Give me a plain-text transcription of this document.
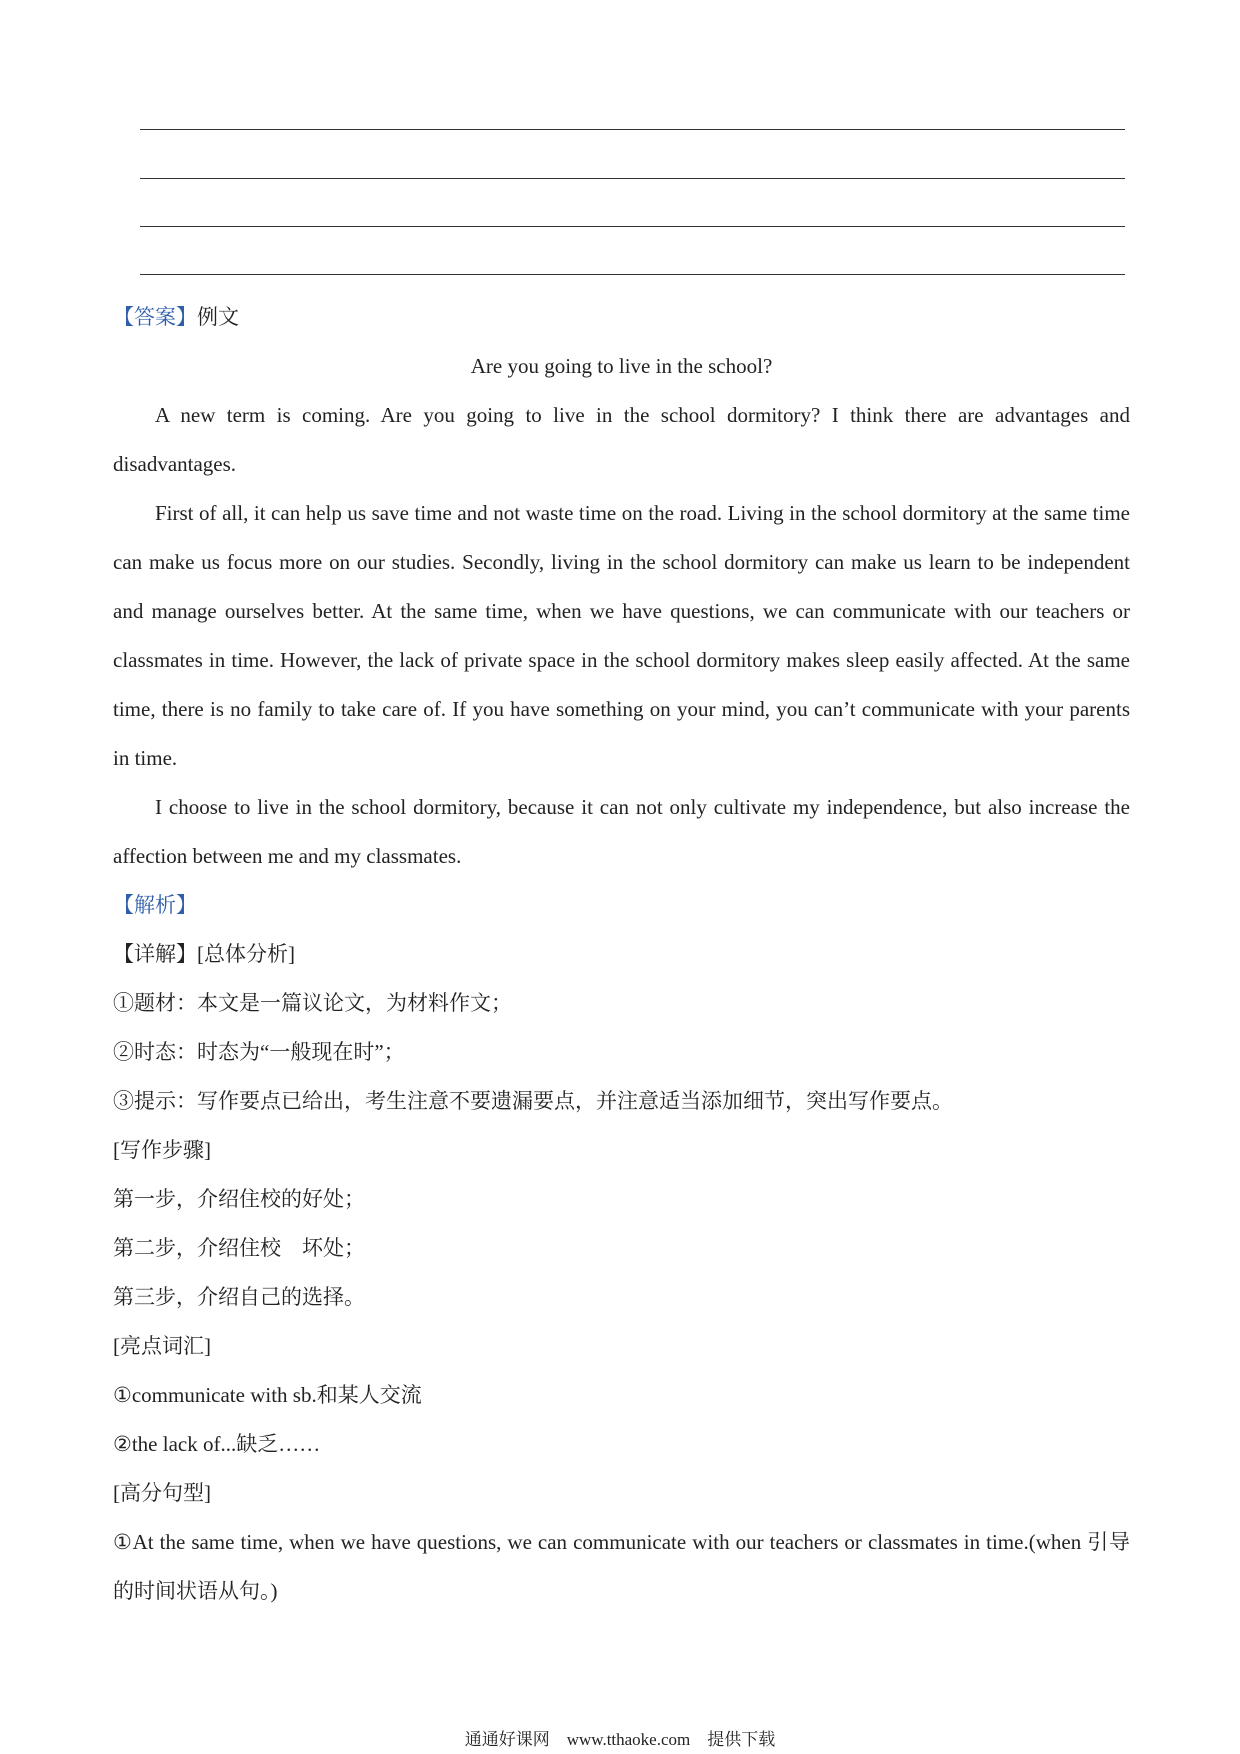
【答案】例文

Are you going to live in the school?

A new term is coming. Are you going to live in the school dormitory? I think there are advantages and disadvantages.

First of all, it can help us save time and not waste time on the road. Living in the school dormitory at the same time can make us focus more on our studies. Secondly, living in the school dormitory can make us learn to be independent and manage ourselves better. At the same time, when we have questions, we can communicate with our teachers or classmates in time. However, the lack of private space in the school dormitory makes sleep easily affected. At the same time, there is no family to take care of. If you have something on your mind, you can’t communicate with your parents in time.

I choose to live in the school dormitory, because it can not only cultivate my independence, but also increase the affection between me and my classmates.

【解析】

【详解】[总体分析]

①题材：本文是一篇议论文，为材料作文；

②时态：时态为“一般现在时”；

③提示：写作要点已给出，考生注意不要遗漏要点，并注意适当添加细节，突出写作要点。

[写作步骤]

第一步，介绍住校的好处；

第二步，介绍住校　坏处；

第三步，介绍自己的选择。

[亮点词汇]

①communicate with sb.和某人交流

②the lack of...缺乏……

[高分句型]

①At the same time, when we have questions, we can communicate with our teachers or classmates in time.(when 引导的时间状语从句。)

通通好课网　www.tthaoke.com　提供下载
